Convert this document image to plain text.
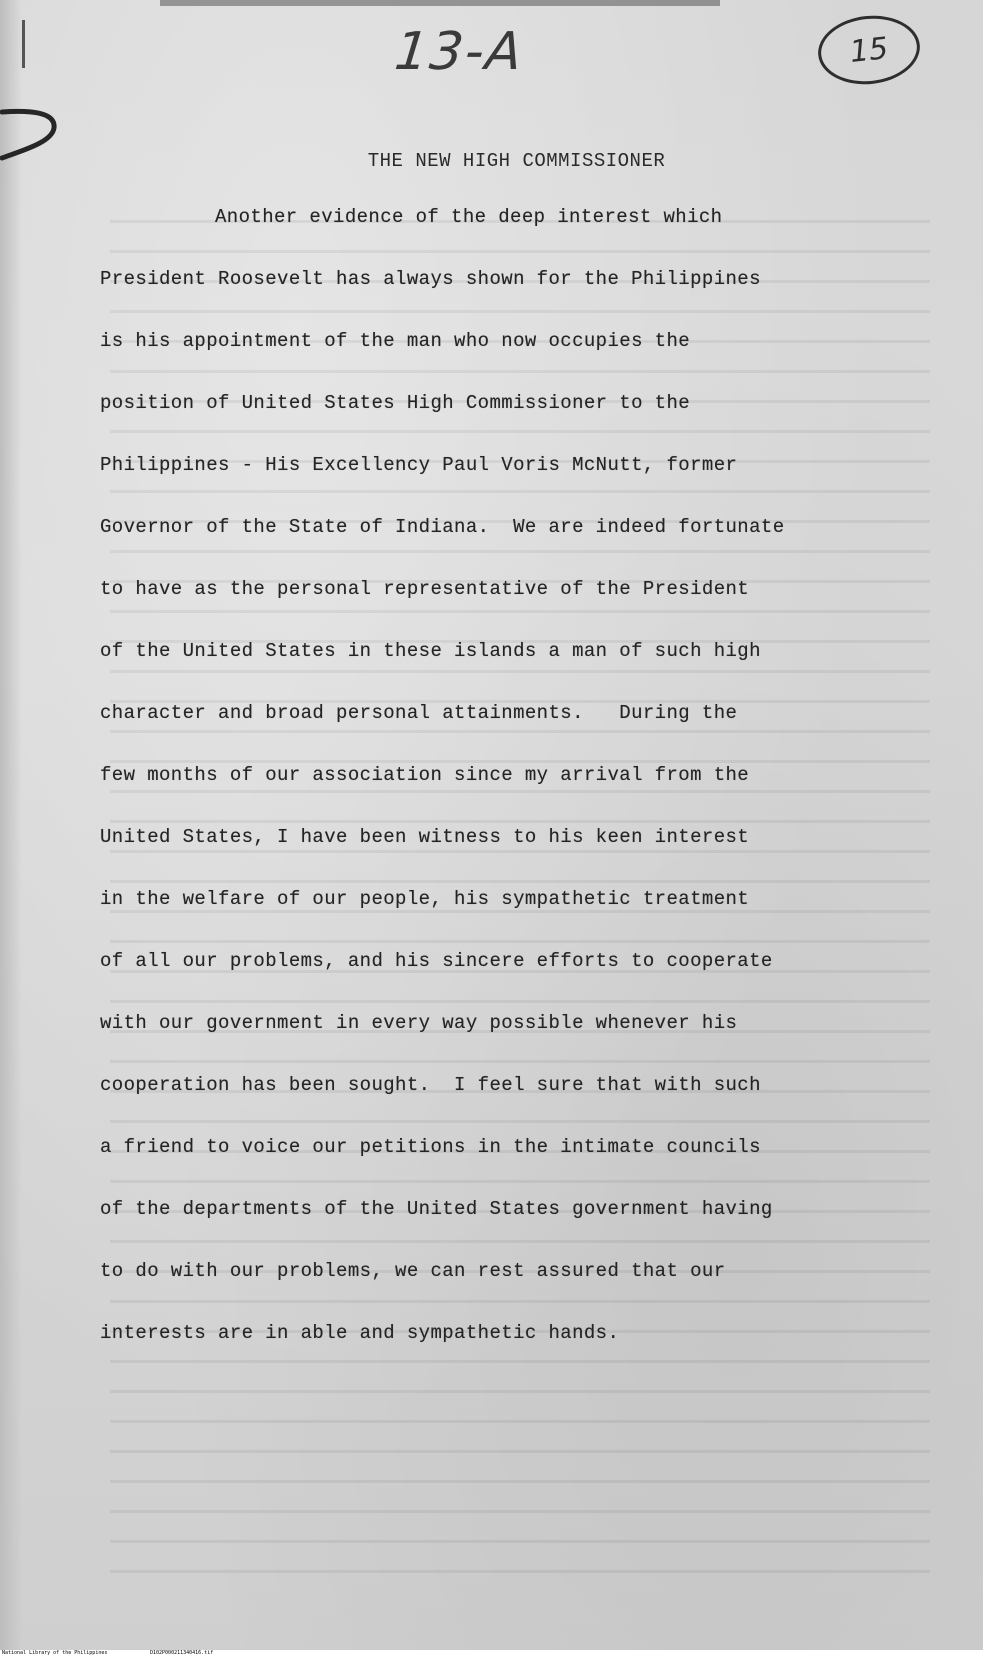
13-A	15
THE NEW HIGH COMMISSIONER

Another evidence of the deep interest which

President Roosevelt has always shown for the Philippines

is his appointment of the man who now occupies the

position of United States High Commissioner to the

Philippines - His Excellency Paul Voris McNutt, former

Governor of the State of Indiana.  We are indeed fortunate

to have as the personal representative of the President

of the United States in these islands a man of such high

character and broad personal attainments.   During the

few months of our association since my arrival from the

United States, I have been witness to his keen interest

in the welfare of our people, his sympathetic treatment

of all our problems, and his sincere efforts to cooperate

with our government in every way possible whenever his

cooperation has been sought.  I feel sure that with such

a friend to voice our petitions in the intimate councils

of the departments of the United States government having

to do with our problems, we can rest assured that our

interests are in able and sympathetic hands.

National Library of the Philippines	D102P000211340416.tif
